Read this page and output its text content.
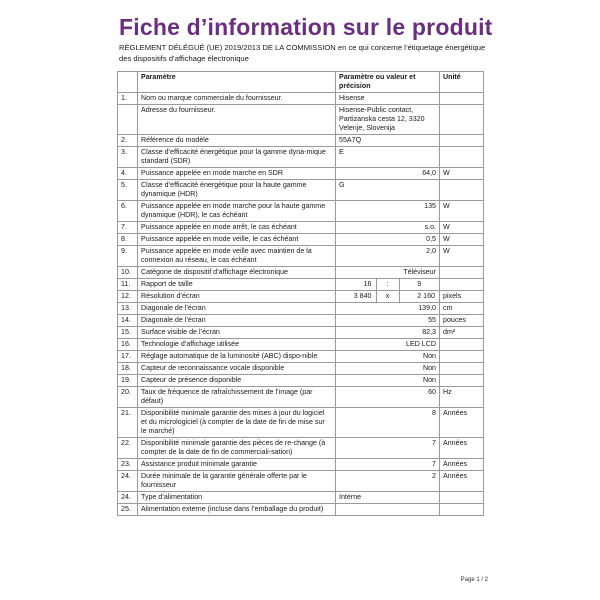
Fiche d’information sur le produit
RÈGLEMENT DÉLÉGUÉ (UE) 2019/2013 DE LA COMMISSION en ce qui concerne l’étiquetage énergétique des dispositifs d’affichage électronique
	Paramètre	Paramètre ou valeur et précision	Unité
1.	Nom ou marque commerciale du fournisseur.	Hisense	
	Adresse du fournisseur.	Hisense-Public contact, Partizanska cesta 12, 3320 Velenje, Slovenija	
2.	Référence du modèle	55A7Q	
3.	Classe d’efficacité énergétique pour la gamme dyna-mique standard (SDR)	E	
4.	Puissance appelée en mode marche en SDR	64,0	W
5.	Classe d’efficacité énergétique pour la haute gamme dynamique (HDR)	G	
6.	Puissance appelée en mode marche pour la haute gamme dynamique (HDR), le cas échéant	135	W
7.	Puissance appelée en mode arrêt, le cas échéant	s.o.	W
8.	Puissance appelée en mode veille, le cas échéant	0,5	W
9.	Puissance appelée en mode veille avec maintien de la connexion au réseau, le cas échéant	2,0	W
10.	Catégorie de dispositif d’affichage électronique	Téléviseur	
11.	Rapport de taille	16 : 9	

12.	Résolution d’écran	3 840 x 2 160	pixels
13.	Diagonale de l’écran	139,0	cm
14.	Diagonale de l’écran	55	pouces
15.	Surface visible de l’écran	82,3	dm²
16.	Technologie d’affichage utilisée	LED LCD	
17.	Réglage automatique de la luminosité (ABC) dispo-nible	Non	
18.	Capteur de reconnaissance vocale disponible	Non	
19.	Capteur de présence disponible	Non	
20.	Taux de fréquence de rafraîchissement de l’image (par défaut)	60	Hz
21.	Disponibilité minimale garantie des mises à jour du logiciel et du micrologiciel (à compter de la date de fin de mise sur le marché)	8	Années
22.	Disponibilité minimale garantie des pièces de re-change (à compter de la date de fin de commerciali-sation)	7	Années
23.	Assistance produit minimale garantie	7	Années
24.	Durée minimale de la garantie générale offerte par le fournisseur	2	Années
24.	Type d’alimentation	Interne	
25.	Alimentation externe (incluse dans l’emballage du produit)		
Page 1 / 2
